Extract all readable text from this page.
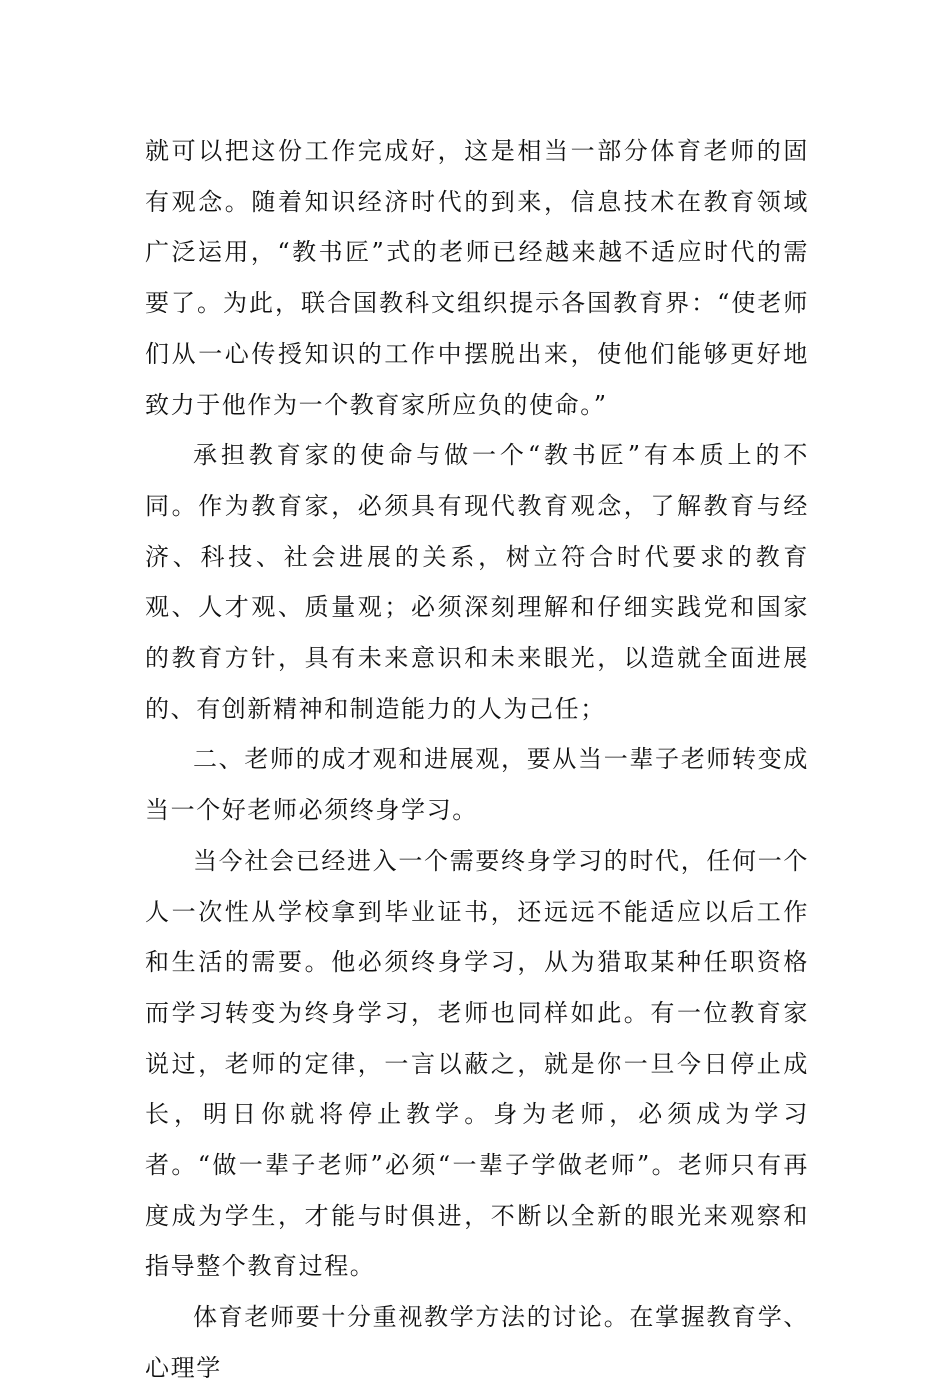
就可以把这份工作完成好，这是相当一部分体育老师的固有观念。随着知识经济时代的到来，信息技术在教育领域广泛运用，“教书匠”式的老师已经越来越不适应时代的需要了。为此，联合国教科文组织提示各国教育界：“使老师们从一心传授知识的工作中摆脱出来，使他们能够更好地致力于他作为一个教育家所应负的使命。”

承担教育家的使命与做一个“教书匠”有本质上的不同。作为教育家，必须具有现代教育观念，了解教育与经济、科技、社会进展的关系，树立符合时代要求的教育观、人才观、质量观；必须深刻理解和仔细实践党和国家的教育方针，具有未来意识和未来眼光，以造就全面进展的、有创新精神和制造能力的人为己任；

二、老师的成才观和进展观，要从当一辈子老师转变成当一个好老师必须终身学习。

当今社会已经进入一个需要终身学习的时代，任何一个人一次性从学校拿到毕业证书，还远远不能适应以后工作和生活的需要。他必须终身学习，从为猎取某种任职资格而学习转变为终身学习，老师也同样如此。有一位教育家说过，老师的定律，一言以蔽之，就是你一旦今日停止成长，明日你就将停止教学。身为老师，必须成为学习者。“做一辈子老师”必须“一辈子学做老师”。老师只有再度成为学生，才能与时俱进，不断以全新的眼光来观察和指导整个教育过程。

体育老师要十分重视教学方法的讨论。在掌握教育学、心理学
